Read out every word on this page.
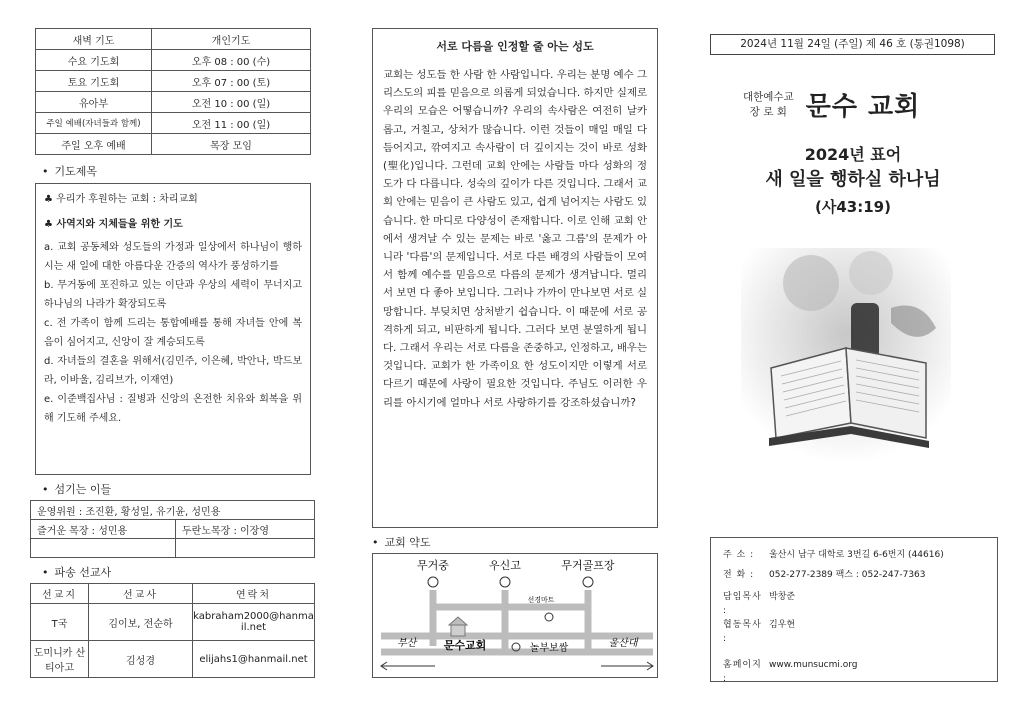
새벽 기도	개인기도
수요 기도회	오후 08 : 00 (수)
토요 기도회	오후 07 : 00 (토)
유아부	오전 10 : 00 (일)
주일 예배(자녀들과 함께)	오전 11 : 00 (일)
주일 오후 예배	목장 모임
• 기도제목
♣ 우리가 후원하는 교회 : 차리교회
♣ 사역지와 지체들을 위한 기도

a. 교회 공동체와 성도들의 가정과 일상에서 하나님이 행하시는 새 일에 대한 아름다운 간증의 역사가 풍성하기를

b. 무거동에 포진하고 있는 이단과 우상의 세력이 무너지고 하나님의 나라가 확장되도록

c. 전 가족이 함께 드리는 통합예배를 통해 자녀들 안에 복음이 심어지고, 신앙이 잘 계승되도록

d. 자녀들의 결혼을 위해서(김민주, 이은혜, 박안나, 박드보라, 이바울, 김리브가, 이재연)

e. 이준백집사님 : 질병과 신앙의 온전한 치유와 회복을 위해 기도해 주세요.

• 섬기는 이들
운영위원 : 조진환, 황성일, 유기윤, 성민용	
즐거운 목장 : 성민용	두란노목장 : 이장영

• 파송 선교사
선교지	선교사	연락처
T국	김이보, 전순하	kabraham2000@hanmail.net
도미니카 산티아고	김성경	elijahs1@hanmail.net
서로 다름을 인정할 줄 아는 성도

교회는 성도들 한 사람 한 사람입니다. 우리는 분명 예수 그리스도의 피를 믿음으로 의롭게 되었습니다. 하지만 실제로 우리의 모습은 어떻습니까? 우리의 속사람은 여전히 날카롭고, 거칠고, 상처가 많습니다. 이런 것들이 매일 매일 다듬어지고, 깎여지고 속사람이 더 깊이지는 것이 바로 성화(聖化)입니다. 그런데 교회 안에는 사람들 마다 성화의 정도가 다 다릅니다. 성숙의 깊이가 다른 것입니다. 그래서 교회 안에는 믿음이 큰 사람도 있고, 쉽게 넘어지는 사람도 있습니다. 한 마디로 다양성이 존재합니다. 이로 인해 교회 안에서 생겨날 수 있는 문제는 바로 '옳고 그름'의 문제가 아니라 '다름'의 문제입니다. 서로 다른 배경의 사람들이 모여서 함께 예수를 믿음으로 다름의 문제가 생겨납니다. 멀리서 보면 다 좋아 보입니다. 그러나 가까이 만나보면 서로 실망합니다. 부딪치면 상처받기 쉽습니다. 이 때문에 서로 공격하게 되고, 비판하게 됩니다. 그러다 보면 분열하게 됩니다. 그래서 우리는 서로 다름을 존중하고, 인정하고, 배우는 것입니다. 교회가 한 가족이요 한 성도이지만 이렇게 서로 다르기 때문에 사랑이 필요한 것입니다. 주님도 이러한 우리를 아시기에 얼마나 서로 사랑하기를 강조하셨습니까?

• 교회 약도
무거중	우신고	무거골프장
선경마트
부산 문수교회	놀부보쌈	울산대
2024년 11월 24일 (주일) 제 46 호 (통권1098)
대한예수교
장 로 회 문수 교회
2024년 표어
새 일을 행하실 하나님
(사43:19)
주 소 :	울산시 남구 대학로 3번길 6-6번지 (44616)
전 화 :	052-277-2389 팩스 : 052-247-7363
담임목사 :
박창준
협동목사 :
김우현
홈페이지 :
www.munsucmi.org
